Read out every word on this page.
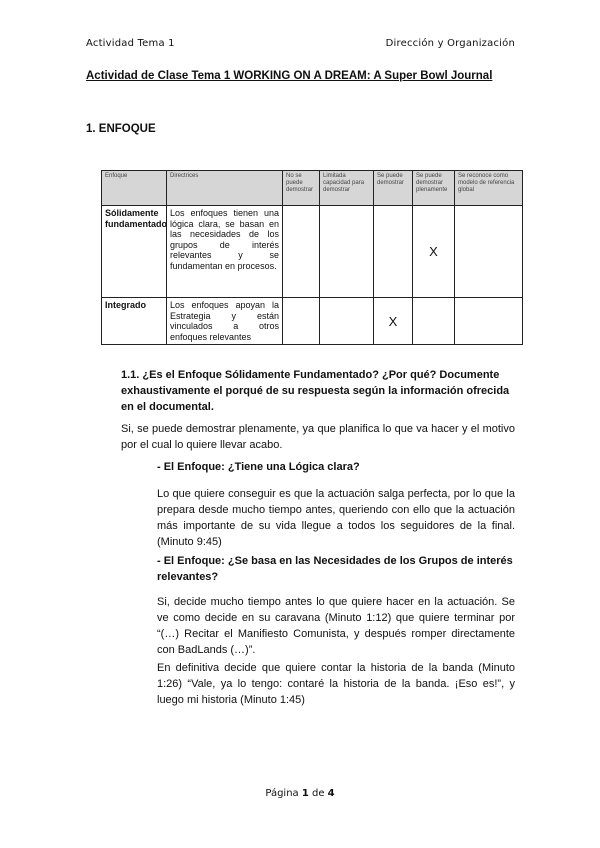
Actividad Tema 1	Dirección y Organización
Actividad de Clase Tema 1 WORKING ON A DREAM: A Super Bowl Journal
1. ENFOQUE
Enfoque	Directrices	No se puede demostrar	Limitada capacidad para demostrar	Se puede demostrar	Se puede demostrar plenamente	Se reconoce como modelo de referencia global
Sólidamente fundamentado	Los enfoques tienen una lógica clara, se basan en las necesidades de los grupos de interés relevantes y se fundamentan en procesos.				X	
Integrado	Los enfoques apoyan la Estrategia y están vinculados a otros enfoques relevantes			X		
1.1. ¿Es el Enfoque Sólidamente Fundamentado? ¿Por qué? Documente exhaustivamente el porqué de su respuesta según la información ofrecida en el documental.
Si, se puede demostrar plenamente, ya que planifica lo que va hacer y el motivo por el cual lo quiere llevar acabo.
- El Enfoque: ¿Tiene una Lógica clara?
Lo que quiere conseguir es que la actuación salga perfecta, por lo que la prepara desde mucho tiempo antes, queriendo con ello que la actuación más importante de su vida llegue a todos los seguidores de la final. (Minuto 9:45)
- El Enfoque: ¿Se basa en las Necesidades de los Grupos de interés relevantes?
Si, decide mucho tiempo antes lo que quiere hacer en la actuación. Se ve como decide en su caravana (Minuto 1:12) que quiere terminar por “(…) Recitar el Manifiesto Comunista, y después romper directamente con BadLands (…)”.
En definitiva decide que quiere contar la historia de la banda (Minuto 1:26) “Vale, ya lo tengo: contaré la historia de la banda. ¡Eso es!”, y luego mi historia (Minuto 1:45)
Página 1 de 4
